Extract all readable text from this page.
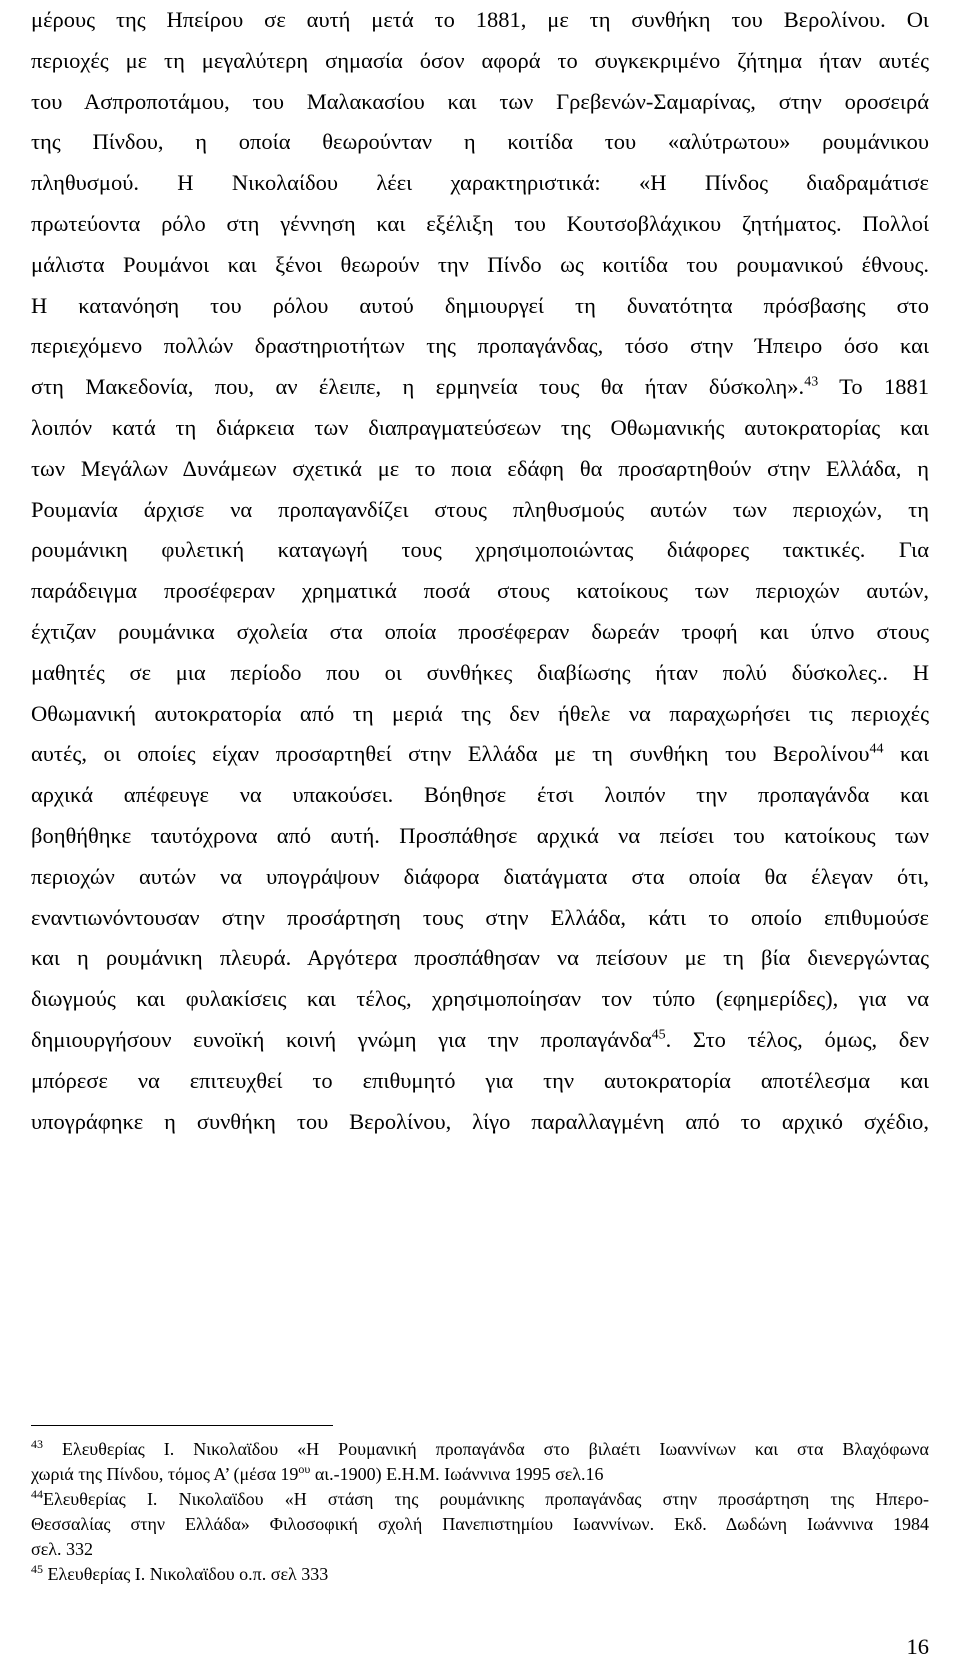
μέρους της Ηπείρου σε αυτή μετά το 1881, με τη συνθήκη του Βερολίνου. Οι
περιοχές με τη μεγαλύτερη σημασία όσον αφορά το συγκεκριμένο ζήτημα ήταν αυτές
του Ασπροποτάμου, του Μαλακασίου και των Γρεβενών-Σαμαρίνας, στην οροσειρά
της Πίνδου, η οποία θεωρούνταν η κοιτίδα του «αλύτρωτου» ρουμάνικου
πληθυσμού. Η Νικολαίδου λέει χαρακτηριστικά: «Η Πίνδος διαδραμάτισε
πρωτεύοντα ρόλο στη γέννηση και εξέλιξη του Κουτσοβλάχικου ζητήματος. Πολλοί
μάλιστα Ρουμάνοι και ξένοι θεωρούν την Πίνδο ως κοιτίδα του ρουμανικού έθνους.
Η κατανόηση του ρόλου αυτού δημιουργεί τη δυνατότητα πρόσβασης στο
περιεχόμενο πολλών δραστηριοτήτων της προπαγάνδας, τόσο στην Ήπειρο όσο και
στη Μακεδονία, που, αν έλειπε, η ερμηνεία τους θα ήταν δύσκολη».$^{43}$ Το 1881
λοιπόν κατά τη διάρκεια των διαπραγματεύσεων της Οθωμανικής αυτοκρατορίας και
των Μεγάλων Δυνάμεων σχετικά με το ποια εδάφη θα προσαρτηθούν στην Ελλάδα, η
Ρουμανία άρχισε να προπαγανδίζει στους πληθυσμούς αυτών των περιοχών, τη
ρουμάνικη φυλετική καταγωγή τους χρησιμοποιώντας διάφορες τακτικές. Για
παράδειγμα προσέφεραν χρηματικά ποσά στους κατοίκους των περιοχών αυτών,
έχτιζαν ρουμάνικα σχολεία στα οποία προσέφεραν δωρεάν τροφή και ύπνο στους
μαθητές σε μια περίοδο που οι συνθήκες διαβίωσης ήταν πολύ δύσκολες.. Η
Οθωμανική αυτοκρατορία από τη μεριά της δεν ήθελε να παραχωρήσει τις περιοχές
αυτές, οι οποίες είχαν προσαρτηθεί στην Ελλάδα με τη συνθήκη του Βερολίνου$^{44}$ και
αρχικά απέφευγε να υπακούσει. Βόηθησε έτσι λοιπόν την προπαγάνδα και
βοηθήθηκε ταυτόχρονα από αυτή. Προσπάθησε αρχικά να πείσει του κατοίκους των
περιοχών αυτών να υπογράψουν διάφορα διατάγματα στα οποία θα έλεγαν ότι,
εναντιωνόντουσαν στην προσάρτηση τους στην Ελλάδα, κάτι το οποίο επιθυμούσε
και η ρουμάνικη πλευρά. Αργότερα προσπάθησαν να πείσουν με τη βία διενεργώντας
διωγμούς και φυλακίσεις και τέλος, χρησιμοποίησαν τον τύπο (εφημερίδες), για να
δημιουργήσουν ευνοϊκή κοινή γνώμη για την προπαγάνδα$^{45}$. Στο τέλος, όμως, δεν
μπόρεσε να επιτευχθεί το επιθυμητό για την αυτοκρατορία αποτέλεσμα και
υπογράφηκε η συνθήκη του Βερολίνου, λίγο παραλλαγμένη από το αρχικό σχέδιο,
$^{43}$ Ελευθερίας Ι. Νικολαϊδου «Η Ρουμανική προπαγάνδα στο βιλαέτι Ιωαννίνων και στα Βλαχόφωνα
χωριά της Πίνδου, τόμος Α’ (μέσα $19^{o\upsilon}$ αι.-1900) Ε.Η.Μ. Ιωάννινα 1995 σελ.16
$^{44}$Ελευθερίας Ι. Νικολαϊδου «Η στάση της ρουμάνικης προπαγάνδας στην προσάρτηση της Ηπερο-
Θεσσαλίας στην Ελλάδα» Φιλοσοφική σχολή Πανεπιστημίου Ιωαννίνων. Εκδ. Δωδώνη Ιωάννινα 1984
σελ. 332
$^{45}$ Ελευθερίας Ι. Νικολαϊδου ο.π. σελ 333
16
